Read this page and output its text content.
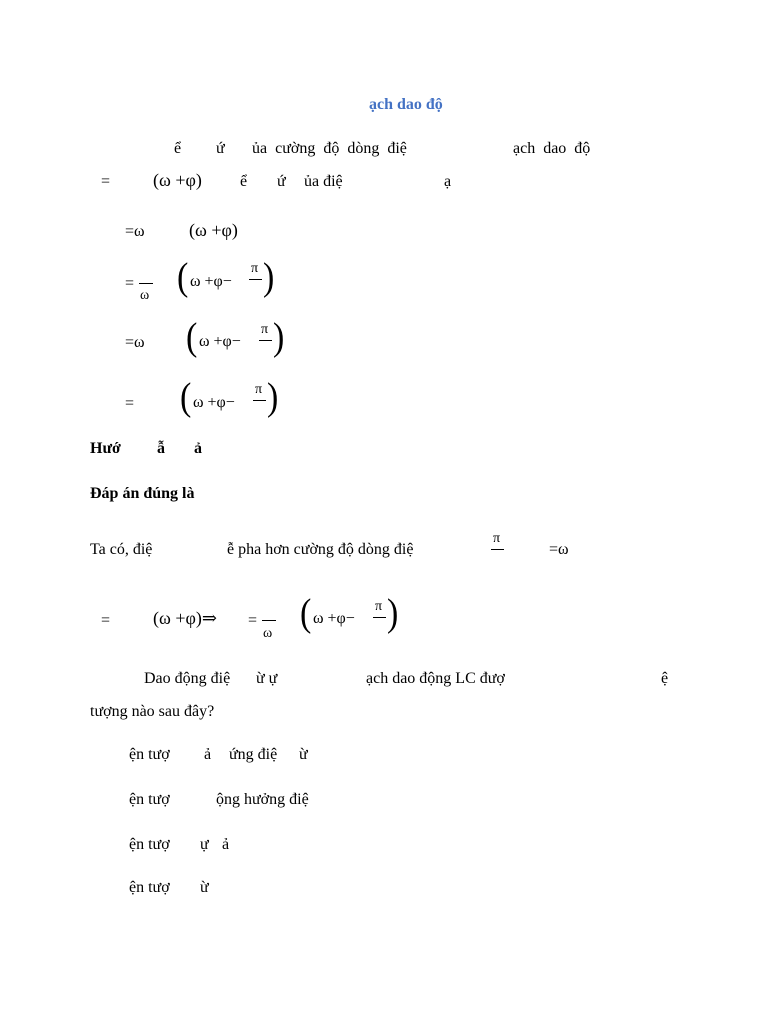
ạch dao độ
ể ứ ủa cường độ dòng điệ	ạch dao độ
= (ω +φ) ể ứ ủa điệ	ạ
=ω (ω +φ)
=
ω ( ω +φ−
π )
=ω ( ω +φ−
π )
= ( ω +φ−
π )
Hướ ẫ ả
Đáp án đúng là
Ta có, điệ	ễ pha hơn cường độ dòng điệ
π
=ω
= (ω +φ)⇒ =
ω ( ω +φ−
π )
Dao động điệ ừ ự	ạch dao động LC đượ	ệ
tượng nào sau đây?
ện tượ ả ứng điệ ừ
ện tượ	ộng hưởng điệ
ện tượ ự ả
ện tượ ừ
